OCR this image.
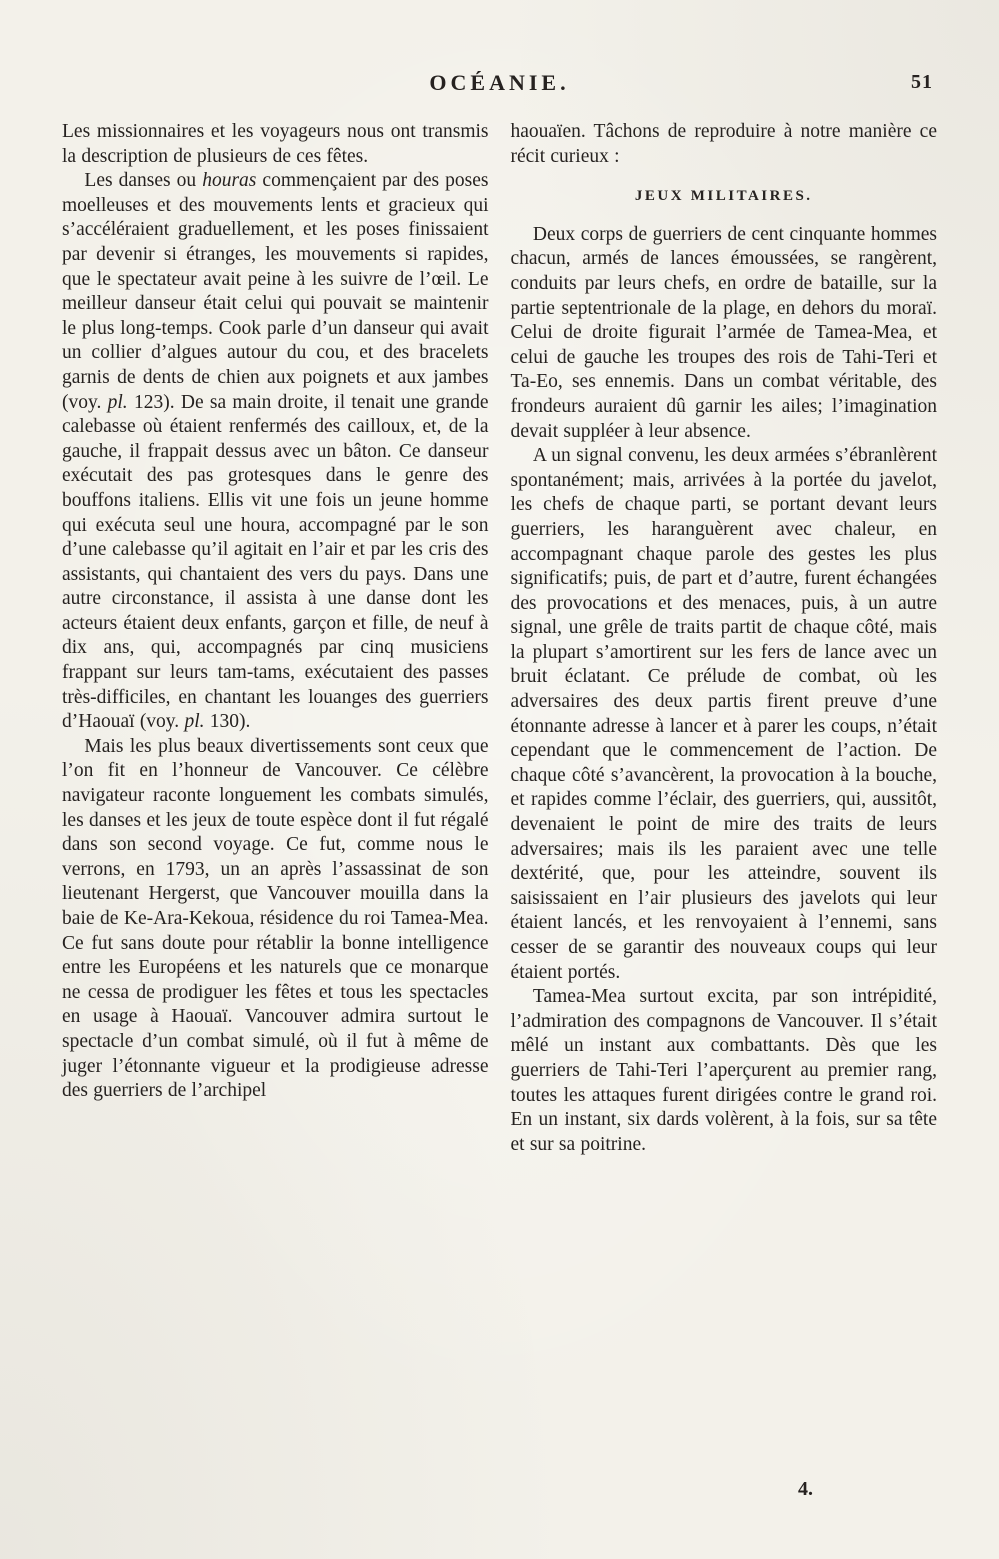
OCÉANIE.	51

Les missionnaires et les voyageurs nous ont transmis la description de plusieurs de ces fêtes.

Les danses ou houras commençaient par des poses moelleuses et des mouvements lents et gracieux qui s’accéléraient graduellement, et les poses finissaient par devenir si étranges, les mouvements si rapides, que le spectateur avait peine à les suivre de l’œil. Le meilleur danseur était celui qui pouvait se maintenir le plus long-temps. Cook parle d’un danseur qui avait un collier d’algues autour du cou, et des bracelets garnis de dents de chien aux poignets et aux jambes (voy. pl. 123). De sa main droite, il tenait une grande calebasse où étaient renfermés des cailloux, et, de la gauche, il frappait dessus avec un bâton. Ce danseur exécutait des pas grotesques dans le genre des bouffons italiens. Ellis vit une fois un jeune homme qui exécuta seul une houra, accompagné par le son d’une calebasse qu’il agitait en l’air et par les cris des assistants, qui chantaient des vers du pays. Dans une autre circonstance, il assista à une danse dont les acteurs étaient deux enfants, garçon et fille, de neuf à dix ans, qui, accompagnés par cinq musiciens frappant sur leurs tam-tams, exécutaient des passes très-difficiles, en chantant les louanges des guerriers d’Haouaï (voy. pl. 130).

Mais les plus beaux divertissements sont ceux que l’on fit en l’honneur de Vancouver. Ce célèbre navigateur raconte longuement les combats simulés, les danses et les jeux de toute espèce dont il fut régalé dans son second voyage. Ce fut, comme nous le verrons, en 1793, un an après l’assassinat de son lieutenant Hergerst, que Vancouver mouilla dans la baie de Ke-Ara-Kekoua, résidence du roi Tamea-Mea. Ce fut sans doute pour rétablir la bonne intelligence entre les Européens et les naturels que ce monarque ne cessa de prodiguer les fêtes et tous les spectacles en usage à Haouaï. Vancouver admira surtout le spectacle d’un combat simulé, où il fut à même de juger l’étonnante vigueur et la prodigieuse adresse des guerriers de l’archipel

haouaïen. Tâchons de reproduire à notre manière ce récit curieux :

JEUX MILITAIRES.

Deux corps de guerriers de cent cinquante hommes chacun, armés de lances émoussées, se rangèrent, conduits par leurs chefs, en ordre de bataille, sur la partie septentrionale de la plage, en dehors du moraï. Celui de droite figurait l’armée de Tamea-Mea, et celui de gauche les troupes des rois de Tahi-Teri et Ta-Eo, ses ennemis. Dans un combat véritable, des frondeurs auraient dû garnir les ailes; l’imagination devait suppléer à leur absence.

A un signal convenu, les deux armées s’ébranlèrent spontanément; mais, arrivées à la portée du javelot, les chefs de chaque parti, se portant devant leurs guerriers, les haranguèrent avec chaleur, en accompagnant chaque parole des gestes les plus significatifs; puis, de part et d’autre, furent échangées des provocations et des menaces, puis, à un autre signal, une grêle de traits partit de chaque côté, mais la plupart s’amortirent sur les fers de lance avec un bruit éclatant. Ce prélude de combat, où les adversaires des deux partis firent preuve d’une étonnante adresse à lancer et à parer les coups, n’était cependant que le commencement de l’action. De chaque côté s’avancèrent, la provocation à la bouche, et rapides comme l’éclair, des guerriers, qui, aussitôt, devenaient le point de mire des traits de leurs adversaires; mais ils les paraient avec une telle dextérité, que, pour les atteindre, souvent ils saisissaient en l’air plusieurs des javelots qui leur étaient lancés, et les renvoyaient à l’ennemi, sans cesser de se garantir des nouveaux coups qui leur étaient portés.

Tamea-Mea surtout excita, par son intrépidité, l’admiration des compagnons de Vancouver. Il s’était mêlé un instant aux combattants. Dès que les guerriers de Tahi-Teri l’aperçurent au premier rang, toutes les attaques furent dirigées contre le grand roi. En un instant, six dards volèrent, à la fois, sur sa tête et sur sa poitrine.

4.
